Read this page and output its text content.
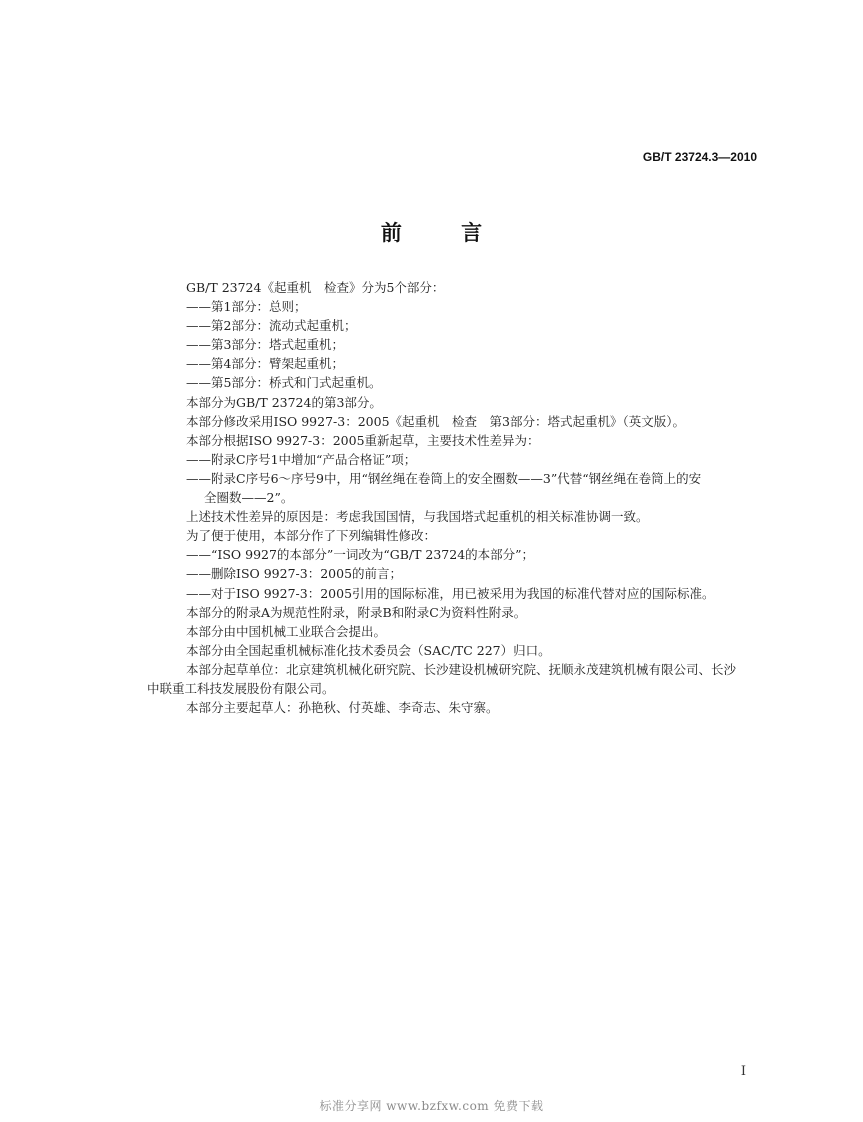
GB/T 23724.3—2010
前 言

GB/T 23724《起重机　检查》分为5个部分：

——第1部分：总则；

——第2部分：流动式起重机；

——第3部分：塔式起重机；

——第4部分：臂架起重机；

——第5部分：桥式和门式起重机。

本部分为GB/T 23724的第3部分。

本部分修改采用ISO 9927-3：2005《起重机　检查　第3部分：塔式起重机》（英文版）。

本部分根据ISO 9927-3：2005重新起草，主要技术性差异为：

——附录C序号1中增加“产品合格证”项；

——附录C序号6～序号9中，用“钢丝绳在卷筒上的安全圈数——3”代替“钢丝绳在卷筒上的安

全圈数——2”。

上述技术性差异的原因是：考虑我国国情，与我国塔式起重机的相关标准协调一致。

为了便于使用，本部分作了下列编辑性修改：

——“ISO 9927的本部分”一词改为“GB/T 23724的本部分”；

——删除ISO 9927-3：2005的前言；

——对于ISO 9927-3：2005引用的国际标准，用已被采用为我国的标准代替对应的国际标准。

本部分的附录A为规范性附录，附录B和附录C为资料性附录。

本部分由中国机械工业联合会提出。

本部分由全国起重机械标准化技术委员会（SAC/TC 227）归口。

本部分起草单位：北京建筑机械化研究院、长沙建设机械研究院、抚顺永茂建筑机械有限公司、长沙

中联重工科技发展股份有限公司。

本部分主要起草人：孙艳秋、付英雄、李奇志、朱守寨。

I
标准分享网 www.bzfxw.com 免费下载
